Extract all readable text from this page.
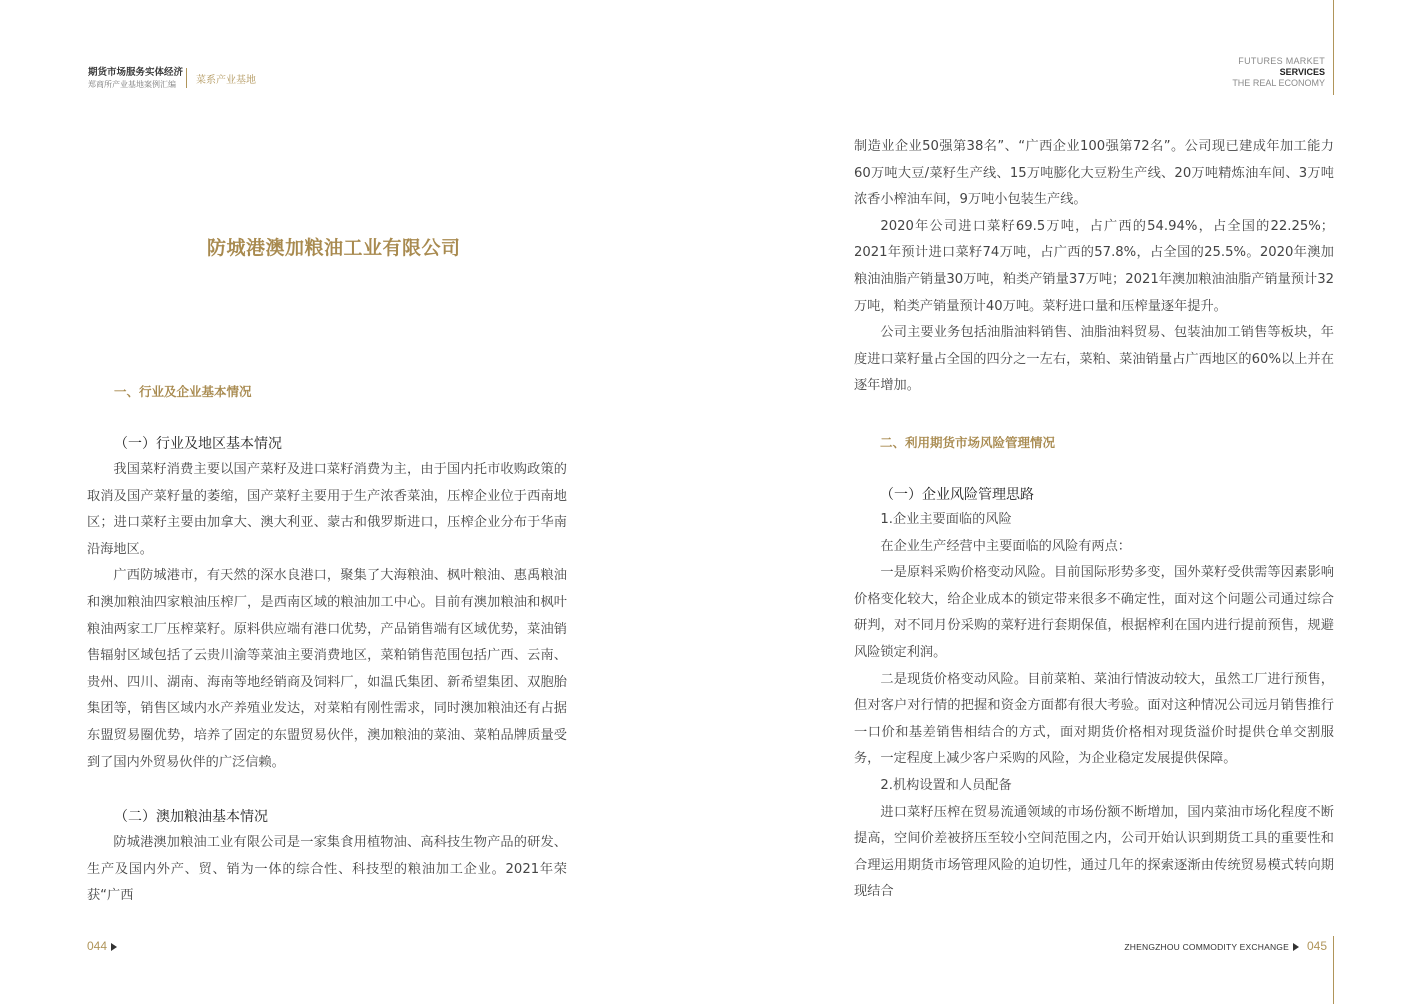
期货市场服务实体经济
郑商所产业基地案例汇编	菜系产业基地
FUTURES MARKET
SERVICES
THE REAL ECONOMY
防城港澳加粮油工业有限公司
一、行业及企业基本情况
（一）行业及地区基本情况

我国菜籽消费主要以国产菜籽及进口菜籽消费为主，由于国内托市收购政策的取消及国产菜籽量的萎缩，国产菜籽主要用于生产浓香菜油，压榨企业位于西南地区；进口菜籽主要由加拿大、澳大利亚、蒙古和俄罗斯进口，压榨企业分布于华南沿海地区。

广西防城港市，有天然的深水良港口，聚集了大海粮油、枫叶粮油、惠禹粮油和澳加粮油四家粮油压榨厂，是西南区域的粮油加工中心。目前有澳加粮油和枫叶粮油两家工厂压榨菜籽。原料供应端有港口优势，产品销售端有区域优势，菜油销售辐射区域包括了云贵川渝等菜油主要消费地区，菜粕销售范围包括广西、云南、贵州、四川、湖南、海南等地经销商及饲料厂，如温氏集团、新希望集团、双胞胎集团等，销售区域内水产养殖业发达，对菜粕有刚性需求，同时澳加粮油还有占据东盟贸易圈优势，培养了固定的东盟贸易伙伴，澳加粮油的菜油、菜粕品牌质量受到了国内外贸易伙伴的广泛信赖。

（二）澳加粮油基本情况

防城港澳加粮油工业有限公司是一家集食用植物油、高科技生物产品的研发、生产及国内外产、贸、销为一体的综合性、科技型的粮油加工企业。2021年荣获“广西

制造业企业50强第38名”、“广西企业100强第72名”。公司现已建成年加工能力60万吨大豆/菜籽生产线、15万吨膨化大豆粉生产线、20万吨精炼油车间、3万吨浓香小榨油车间，9万吨小包装生产线。

2020年公司进口菜籽69.5万吨，占广西的54.94%，占全国的22.25%；2021年预计进口菜籽74万吨，占广西的57.8%，占全国的25.5%。2020年澳加粮油油脂产销量30万吨，粕类产销量37万吨；2021年澳加粮油油脂产销量预计32万吨，粕类产销量预计40万吨。菜籽进口量和压榨量逐年提升。

公司主要业务包括油脂油料销售、油脂油料贸易、包装油加工销售等板块，年度进口菜籽量占全国的四分之一左右，菜粕、菜油销量占广西地区的60%以上并在逐年增加。

二、利用期货市场风险管理情况
（一）企业风险管理思路

1.企业主要面临的风险

在企业生产经营中主要面临的风险有两点：

一是原料采购价格变动风险。目前国际形势多变，国外菜籽受供需等因素影响价格变化较大，给企业成本的锁定带来很多不确定性，面对这个问题公司通过综合研判，对不同月份采购的菜籽进行套期保值，根据榨利在国内进行提前预售，规避风险锁定利润。

二是现货价格变动风险。目前菜粕、菜油行情波动较大，虽然工厂进行预售，但对客户对行情的把握和资金方面都有很大考验。面对这种情况公司远月销售推行一口价和基差销售相结合的方式，面对期货价格相对现货溢价时提供仓单交割服务，一定程度上减少客户采购的风险，为企业稳定发展提供保障。

2.机构设置和人员配备

进口菜籽压榨在贸易流通领域的市场份额不断增加，国内菜油市场化程度不断提高，空间价差被挤压至较小空间范围之内，公司开始认识到期货工具的重要性和合理运用期货市场管理风险的迫切性，通过几年的探索逐渐由传统贸易模式转向期现结合

044	ZHENGZHOU COMMODITY EXCHANGE 045
